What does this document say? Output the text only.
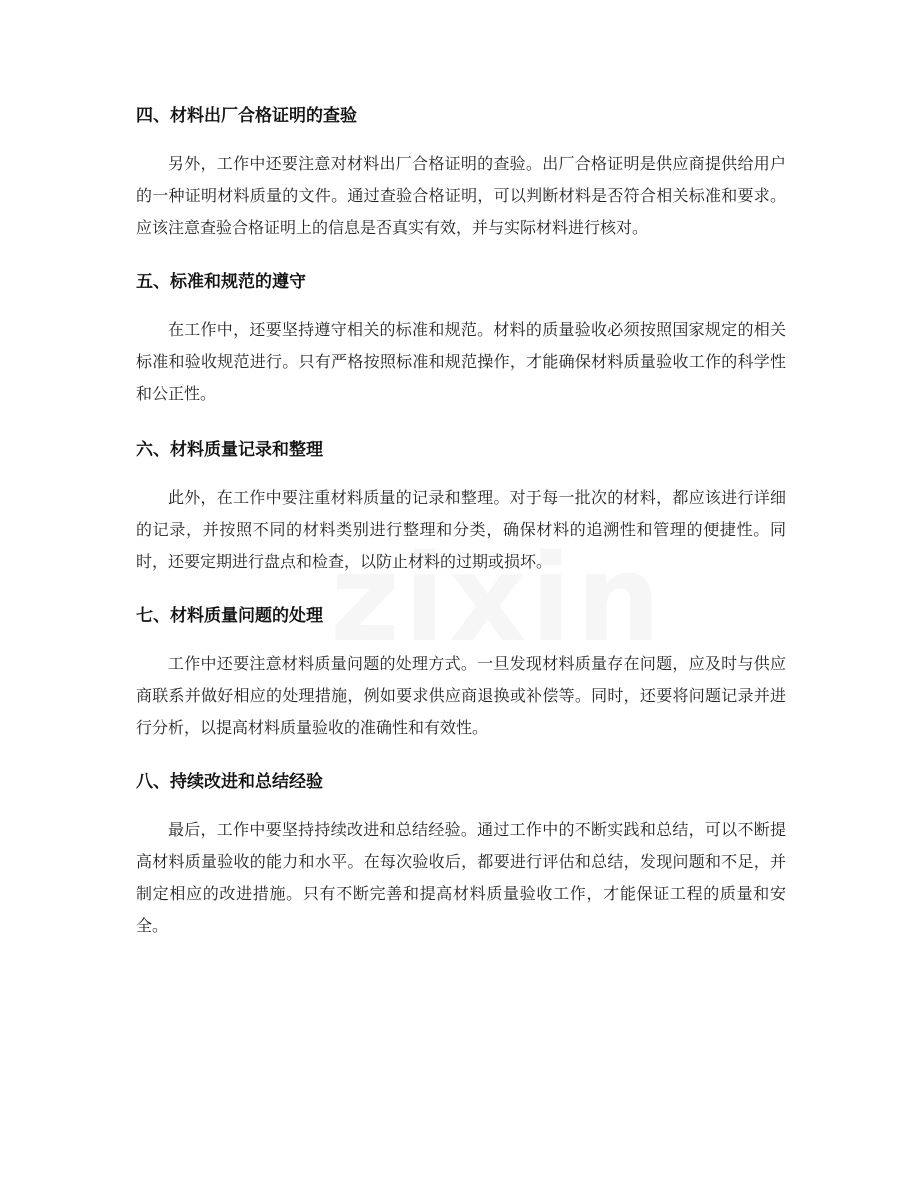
四、材料出厂合格证明的查验

另外，工作中还要注意对材料出厂合格证明的查验。出厂合格证明是供应商提供给用户的一种证明材料质量的文件。通过查验合格证明，可以判断材料是否符合相关标准和要求。应该注意查验合格证明上的信息是否真实有效，并与实际材料进行核对。

五、标准和规范的遵守

在工作中，还要坚持遵守相关的标准和规范。材料的质量验收必须按照国家规定的相关标准和验收规范进行。只有严格按照标准和规范操作，才能确保材料质量验收工作的科学性和公正性。

六、材料质量记录和整理

此外，在工作中要注重材料质量的记录和整理。对于每一批次的材料，都应该进行详细的记录，并按照不同的材料类别进行整理和分类，确保材料的追溯性和管理的便捷性。同时，还要定期进行盘点和检查，以防止材料的过期或损坏。

七、材料质量问题的处理

工作中还要注意材料质量问题的处理方式。一旦发现材料质量存在问题，应及时与供应商联系并做好相应的处理措施，例如要求供应商退换或补偿等。同时，还要将问题记录并进行分析，以提高材料质量验收的准确性和有效性。

八、持续改进和总结经验

最后，工作中要坚持持续改进和总结经验。通过工作中的不断实践和总结，可以不断提高材料质量验收的能力和水平。在每次验收后，都要进行评估和总结，发现问题和不足，并制定相应的改进措施。只有不断完善和提高材料质量验收工作，才能保证工程的质量和安全。
